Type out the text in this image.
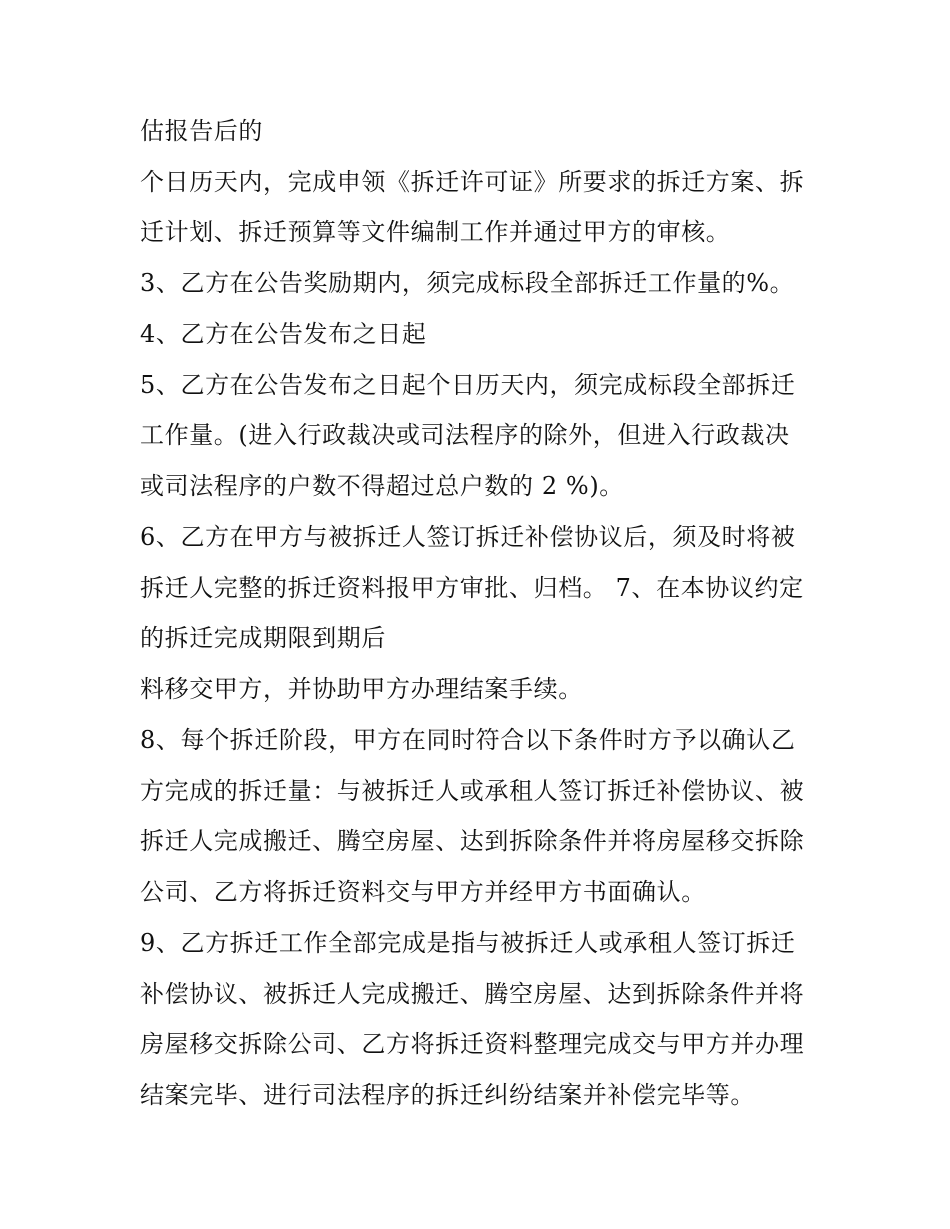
估报告后的

个日历天内，完成申领《拆迁许可证》所要求的拆迁方案、拆

迁计划、拆迁预算等文件编制工作并通过甲方的审核。

3、乙方在公告奖励期内，须完成标段全部拆迁工作量的%。

4、乙方在公告发布之日起

5、乙方在公告发布之日起个日历天内，须完成标段全部拆迁

工作量。(进入行政裁决或司法程序的除外，但进入行政裁决

或司法程序的户数不得超过总户数的 2 %)。

6、乙方在甲方与被拆迁人签订拆迁补偿协议后，须及时将被

拆迁人完整的拆迁资料报甲方审批、归档。 7、在本协议约定

的拆迁完成期限到期后

料移交甲方，并协助甲方办理结案手续。

8、每个拆迁阶段，甲方在同时符合以下条件时方予以确认乙

方完成的拆迁量：与被拆迁人或承租人签订拆迁补偿协议、被

拆迁人完成搬迁、腾空房屋、达到拆除条件并将房屋移交拆除

公司、乙方将拆迁资料交与甲方并经甲方书面确认。

9、乙方拆迁工作全部完成是指与被拆迁人或承租人签订拆迁

补偿协议、被拆迁人完成搬迁、腾空房屋、达到拆除条件并将

房屋移交拆除公司、乙方将拆迁资料整理完成交与甲方并办理

结案完毕、进行司法程序的拆迁纠纷结案并补偿完毕等。
